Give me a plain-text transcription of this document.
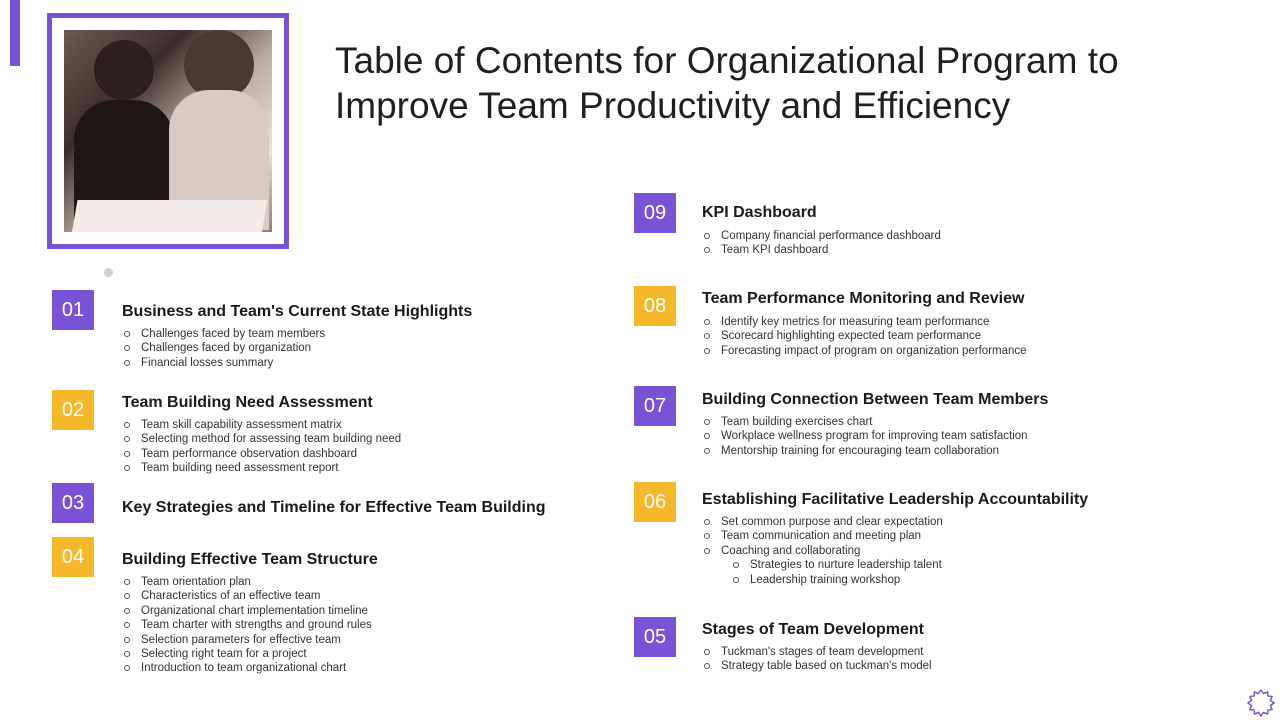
Table of Contents for Organizational Program to
Improve Team Productivity and Efficiency
01	Business and Team's Current State Highlights
Challenges faced by team members
Challenges faced by organization
Financial losses summary
02	Team Building Need Assessment
Team skill capability assessment matrix
Selecting method for assessing team building need
Team performance observation dashboard
Team building need assessment report
03	Key Strategies and Timeline for Effective Team Building
04	Building Effective Team Structure
Team orientation plan
Characteristics of an effective team
Organizational chart implementation timeline
Team charter with strengths and ground rules
Selection parameters for effective team
Selecting right team for a project
Introduction to team organizational chart
09	KPI Dashboard
Company financial performance dashboard
Team KPI dashboard
08	Team Performance Monitoring and Review
Identify key metrics for measuring team performance
Scorecard highlighting expected team performance
Forecasting impact of program on organization performance
07	Building Connection Between Team Members
Team building exercises chart
Workplace wellness program for improving team satisfaction
Mentorship training for encouraging team collaboration
06	Establishing Facilitative Leadership Accountability
Set common purpose and clear expectation
Team communication and meeting plan
Coaching and collaborating
Strategies to nurture leadership talent
Leadership training workshop
05	Stages of Team Development
Tuckman's stages of team development
Strategy table based on tuckman's model
